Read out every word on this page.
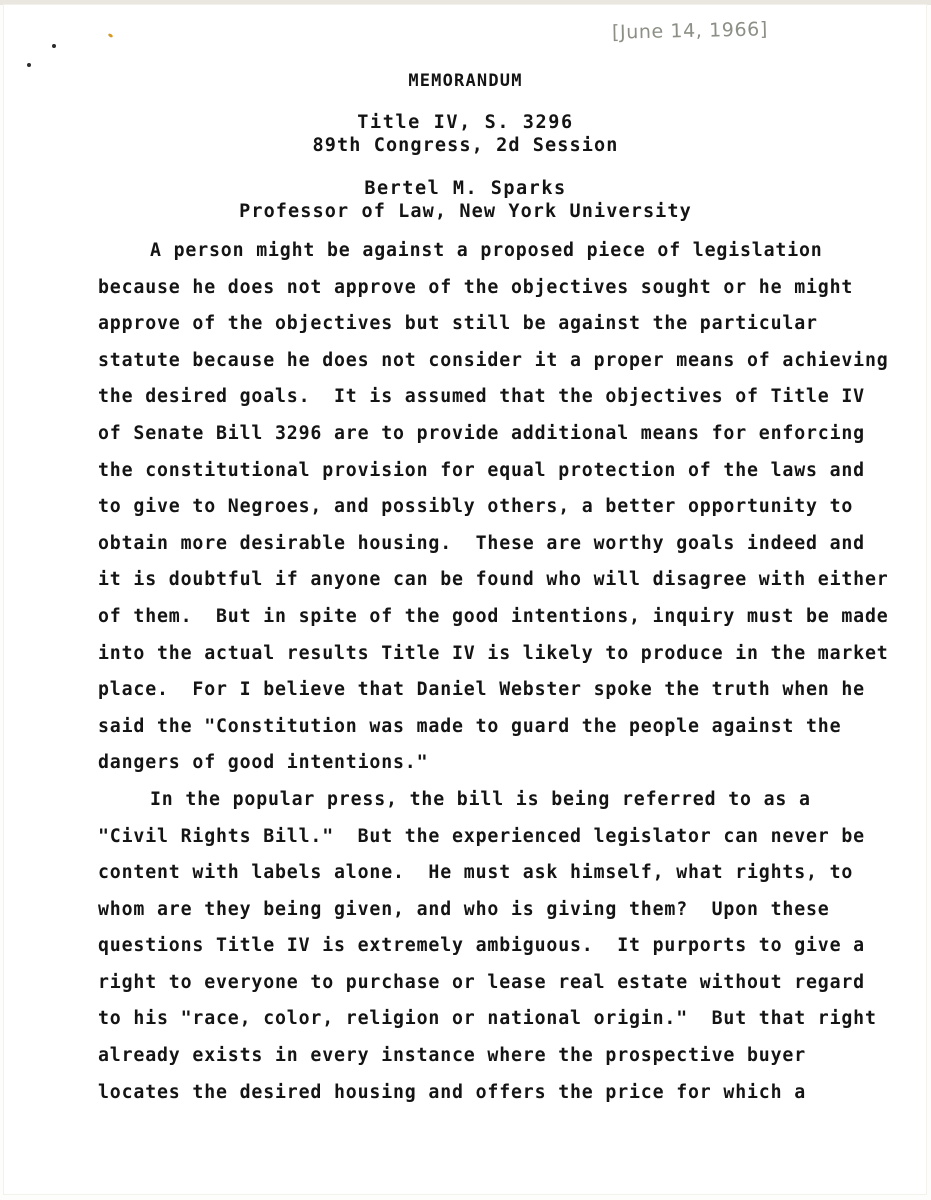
[June 14, 1966]
MEMORANDUM
Title IV, S. 3296
89th Congress, 2d Session
Bertel M. Sparks
Professor of Law, New York University
A person might be against a proposed piece of legislation
because he does not approve of the objectives sought or he might
approve of the objectives but still be against the particular
statute because he does not consider it a proper means of achieving
the desired goals.  It is assumed that the objectives of Title IV
of Senate Bill 3296 are to provide additional means for enforcing
the constitutional provision for equal protection of the laws and
to give to Negroes, and possibly others, a better opportunity to
obtain more desirable housing.  These are worthy goals indeed and
it is doubtful if anyone can be found who will disagree with either
of them.  But in spite of the good intentions, inquiry must be made
into the actual results Title IV is likely to produce in the market
place.  For I believe that Daniel Webster spoke the truth when he
said the "Constitution was made to guard the people against the
dangers of good intentions."
In the popular press, the bill is being referred to as a
"Civil Rights Bill."  But the experienced legislator can never be
content with labels alone.  He must ask himself, what rights, to
whom are they being given, and who is giving them?  Upon these
questions Title IV is extremely ambiguous.  It purports to give a
right to everyone to purchase or lease real estate without regard
to his "race, color, religion or national origin."  But that right
already exists in every instance where the prospective buyer
locates the desired housing and offers the price for which a
